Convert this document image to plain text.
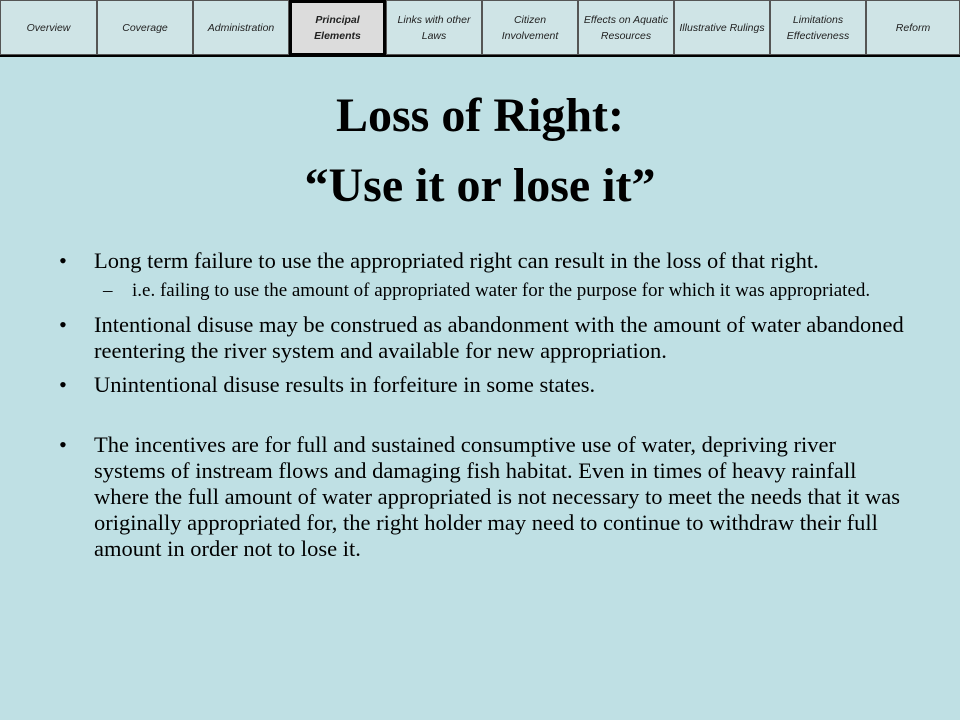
Overview	Coverage	Administration
Principal Elements
Links with other Laws
Citizen Involvement
Effects on Aquatic Resources
Illustrative Rulings
Limitations Effectiveness
Reform
Loss of Right:
“Use it or lose it”
• Long term failure to use the appropriated right can result in the loss of that right.
– i.e. failing to use the amount of appropriated water for the purpose for which it was appropriated.
• Intentional disuse may be construed as abandonment with the amount of water abandoned reentering the river system and available for new appropriation.
• Unintentional disuse results in forfeiture in some states.
• The incentives are for full and sustained consumptive use of water, depriving river systems of instream flows and damaging fish habitat. Even in times of heavy rainfall where the full amount of water appropriated is not necessary to meet the needs that it was originally appropriated for, the right holder may need to continue to withdraw their full amount in order not to lose it.
